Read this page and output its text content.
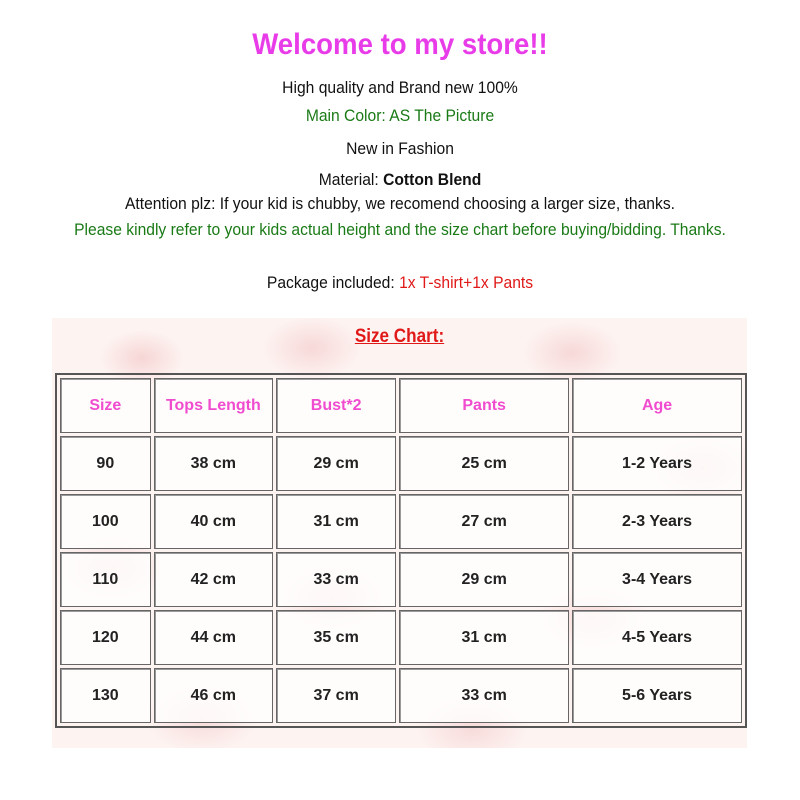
Welcome to my store!!
High quality and Brand new 100%
Main Color: AS The Picture
New in Fashion
Material: Cotton Blend
Attention plz: If your kid is chubby, we recomend choosing a larger size, thanks.
Please kindly refer to your kids actual height and the size chart before buying/bidding. Thanks.
Package included: 1x T-shirt+1x Pants
Size Chart:
Size	Tops Length	Bust*2	Pants	Age
90	38 cm	29 cm	25 cm	1-2 Years
100	40 cm	31 cm	27 cm	2-3 Years
110	42 cm	33 cm	29 cm	3-4 Years
120	44 cm	35 cm	31 cm	4-5 Years
130	46 cm	37 cm	33 cm	5-6 Years
